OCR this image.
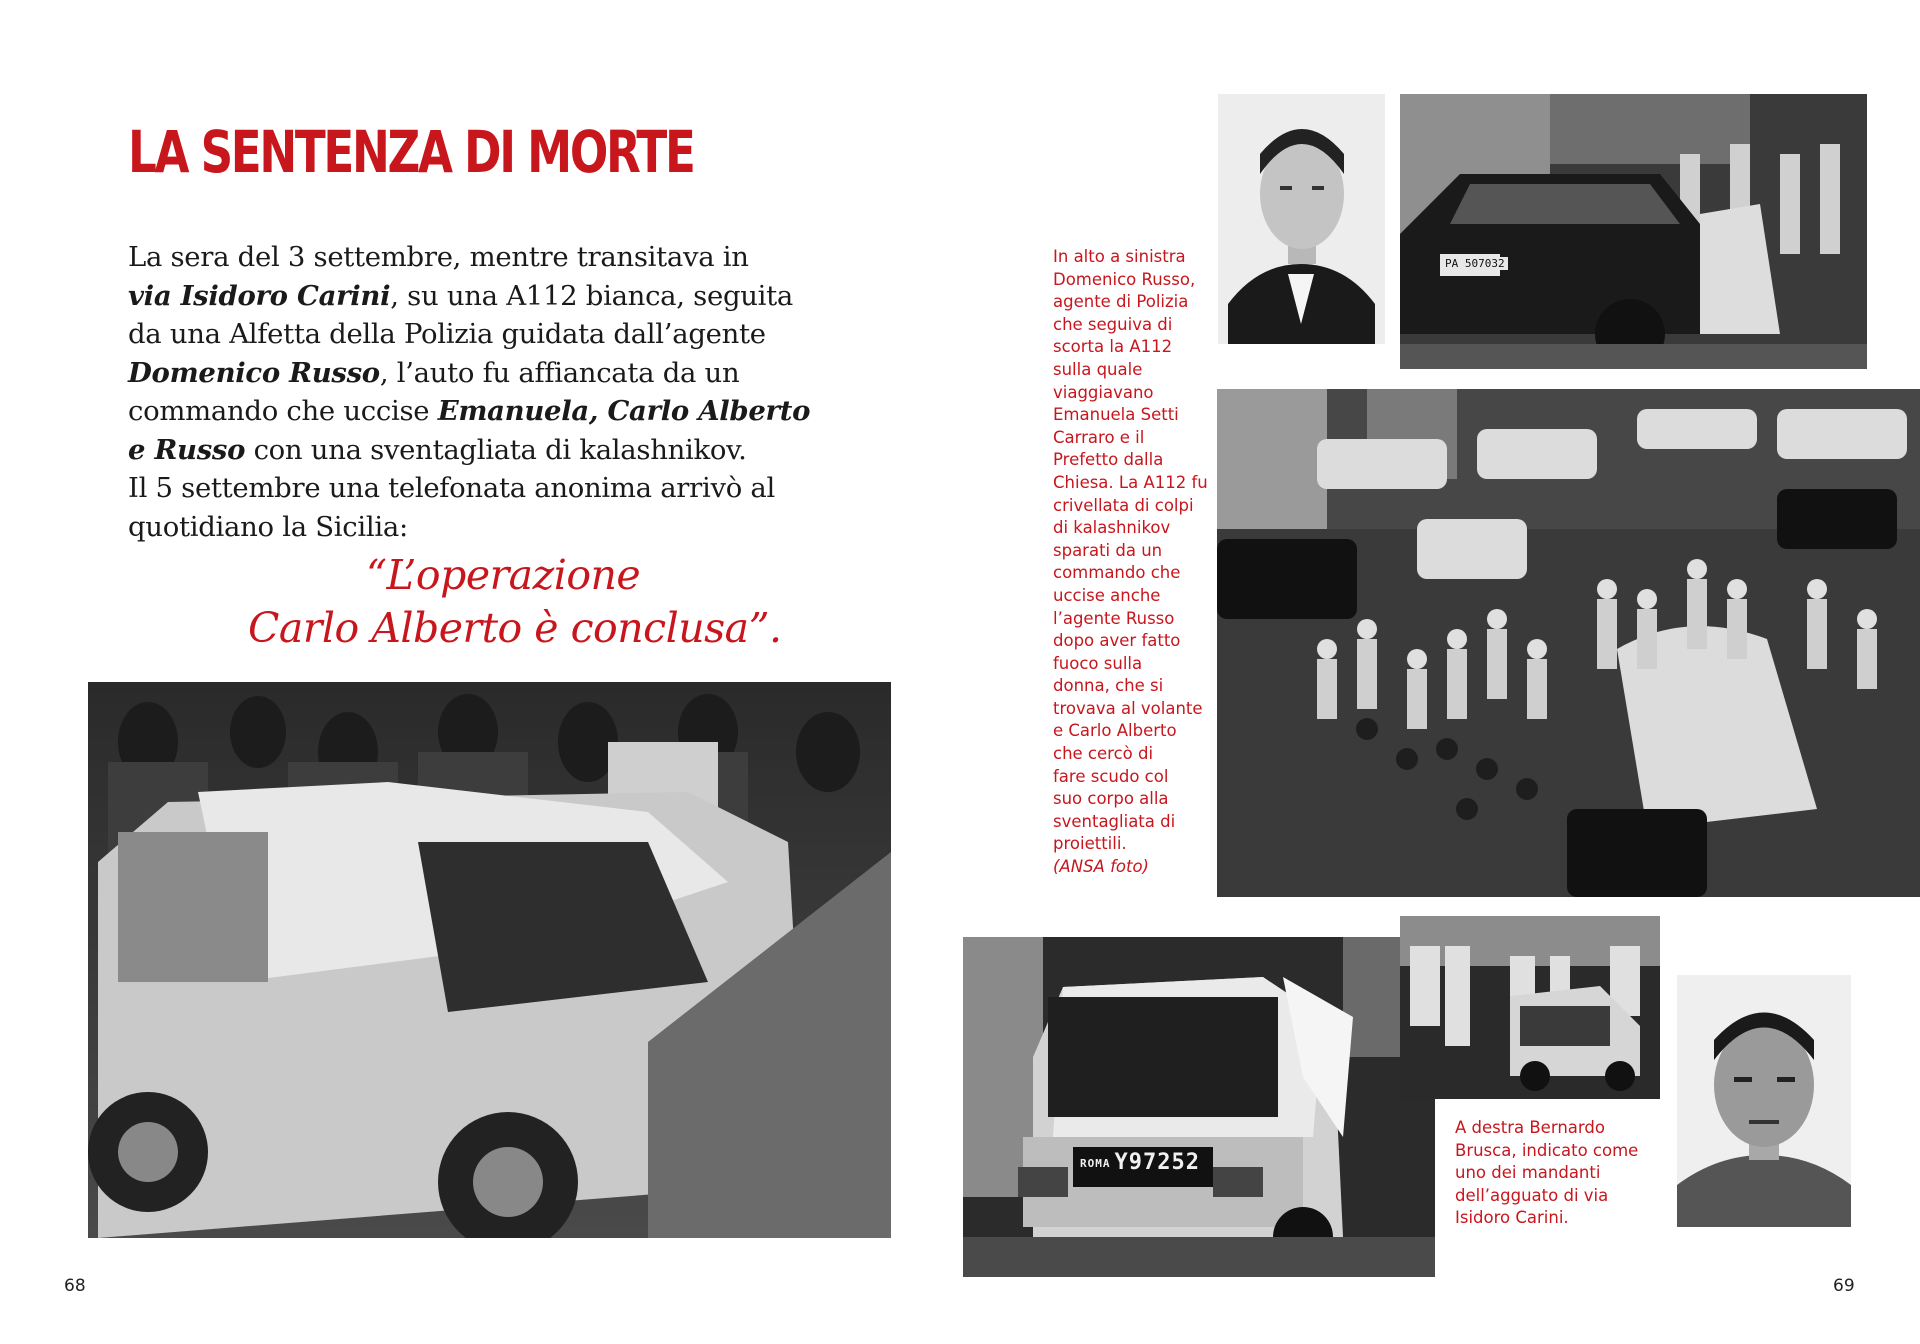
LA SENTENZA DI MORTE
La sera del 3 settembre, mentre transitava in
via Isidoro Carini, su una A112 bianca, seguita
da una Alfetta della Polizia guidata dall’agente
Domenico Russo, l’auto fu affiancata da un
commando che uccise Emanuela, Carlo Alberto
e Russo con una sventagliata di kalashnikov.
Il 5 settembre una telefonata anonima arrivò al
quotidiano la Sicilia:
“L’operazione
Carlo Alberto è conclusa”.
68
In alto a sinistra
Domenico Russo,
agente di Polizia
che seguiva di
scorta la A112
sulla quale
viaggiavano
Emanuela Setti
Carraro e il
Prefetto dalla
Chiesa. La A112 fu
crivellata di colpi
di kalashnikov
sparati da un
commando che
uccise anche
l’agente Russo
dopo aver fatto
fuoco sulla
donna, che si
trovava al volante
e Carlo Alberto
che cercò di
fare scudo col
suo corpo alla
sventagliata di
proiettili.
(ANSA foto)
PA 507032
ROMA Y97252
A destra Bernardo
Brusca, indicato come
uno dei mandanti
dell’agguato di via
Isidoro Carini.
69
